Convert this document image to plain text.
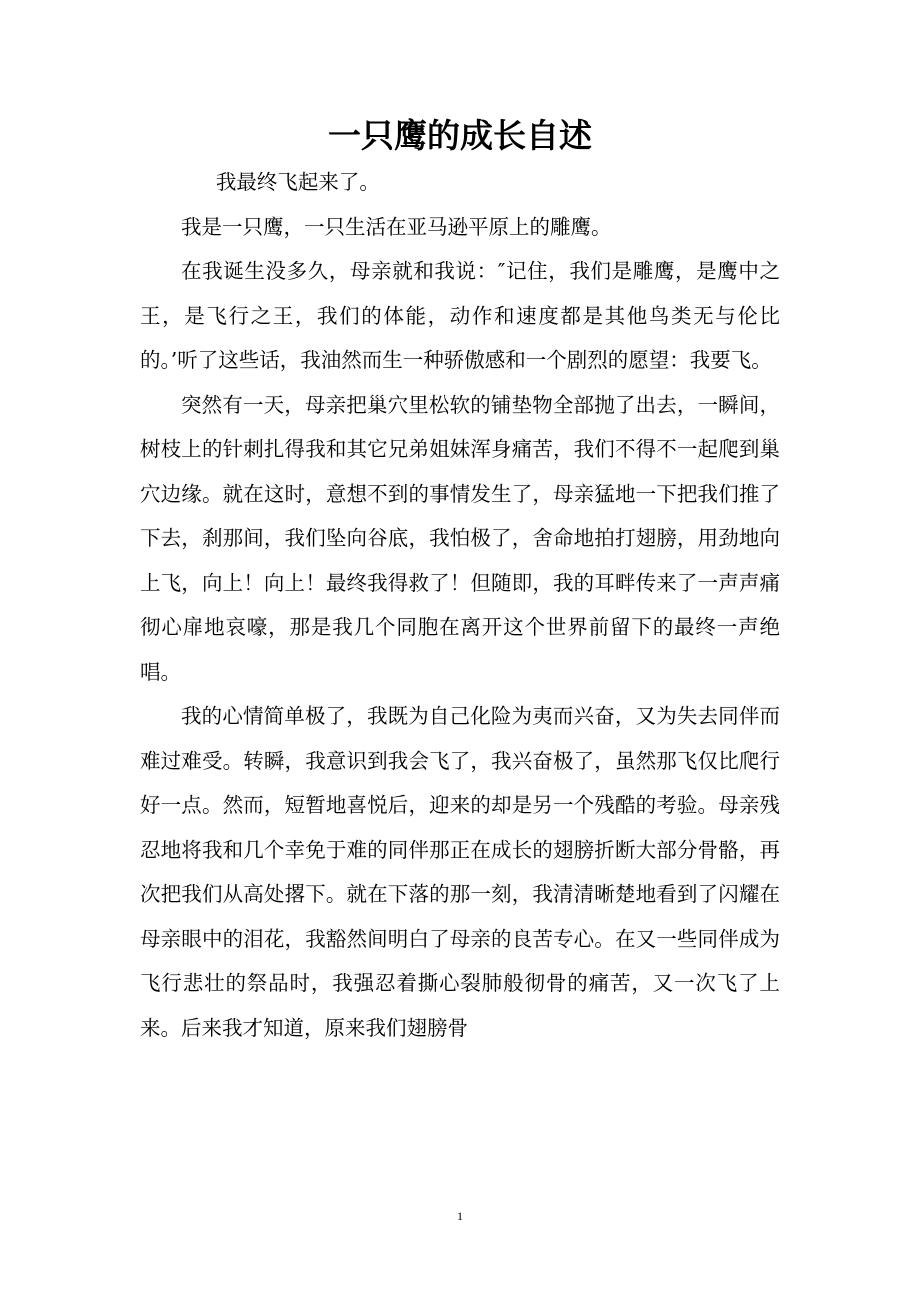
一只鹰的成长自述

我最终飞起来了。

我是一只鹰，一只生活在亚马逊平原上的雕鹰。

在我诞生没多久，母亲就和我说：″记住，我们是雕鹰，是鹰中之王，是飞行之王，我们的体能，动作和速度都是其他鸟类无与伦比的。’听了这些话，我油然而生一种骄傲感和一个剧烈的愿望：我要飞。

突然有一天，母亲把巢穴里松软的铺垫物全部抛了出去，一瞬间，树枝上的针刺扎得我和其它兄弟姐妹浑身痛苦，我们不得不一起爬到巢穴边缘。就在这时，意想不到的事情发生了，母亲猛地一下把我们推了下去，刹那间，我们坠向谷底，我怕极了，舍命地拍打翅膀，用劲地向上飞，向上！向上！最终我得救了！但随即，我的耳畔传来了一声声痛彻心扉地哀嚎，那是我几个同胞在离开这个世界前留下的最终一声绝唱。

我的心情简单极了，我既为自己化险为夷而兴奋，又为失去同伴而难过难受。转瞬，我意识到我会飞了，我兴奋极了，虽然那飞仅比爬行好一点。然而，短暂地喜悦后，迎来的却是另一个残酷的考验。母亲残忍地将我和几个幸免于难的同伴那正在成长的翅膀折断大部分骨骼，再次把我们从高处撂下。就在下落的那一刻，我清清晰楚地看到了闪耀在母亲眼中的泪花，我豁然间明白了母亲的良苦专心。在又一些同伴成为飞行悲壮的祭品时，我强忍着撕心裂肺般彻骨的痛苦，又一次飞了上来。后来我才知道，原来我们翅膀骨

1
